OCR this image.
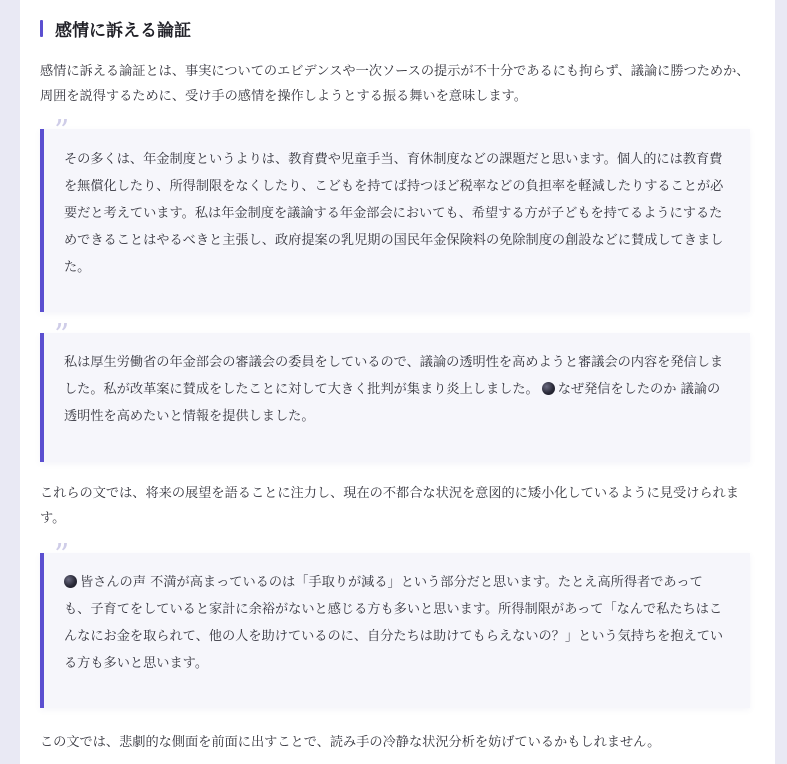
感情に訴える論証

感情に訴える論証とは、事実についてのエビデンスや一次ソースの提示が不十分であるにも拘らず、議論に勝つためか、周囲を説得するために、受け手の感情を操作しようとする振る舞いを意味します。

”

その多くは、年金制度というよりは、教育費や児童手当、育休制度などの課題だと思います。個人的には教育費を無償化したり、所得制限をなくしたり、こどもを持てば持つほど税率などの負担率を軽減したりすることが必要だと考えています。私は年金制度を議論する年金部会においても、希望する方が子どもを持てるようにするためできることはやるべきと主張し、政府提案の乳児期の国民年金保険料の免除制度の創設などに賛成してきました。

”

私は厚生労働省の年金部会の審議会の委員をしているので、議論の透明性を高めようと審議会の内容を発信しました。私が改革案に賛成をしたことに対して大きく批判が集まり炎上しました。 なぜ発信をしたのか 議論の透明性を高めたいと情報を提供しました。

これらの文では、将来の展望を語ることに注力し、現在の不都合な状況を意図的に矮小化しているように見受けられます。

”

皆さんの声 不満が高まっているのは「手取りが減る」という部分だと思います。たとえ高所得者であっても、子育てをしていると家計に余裕がないと感じる方も多いと思います。所得制限があって「なんで私たちはこんなにお金を取られて、他の人を助けているのに、自分たちは助けてもらえないの？」という気持ちを抱えている方も多いと思います。

この文では、悲劇的な側面を前面に出すことで、読み手の冷静な状況分析を妨げているかもしれません。
